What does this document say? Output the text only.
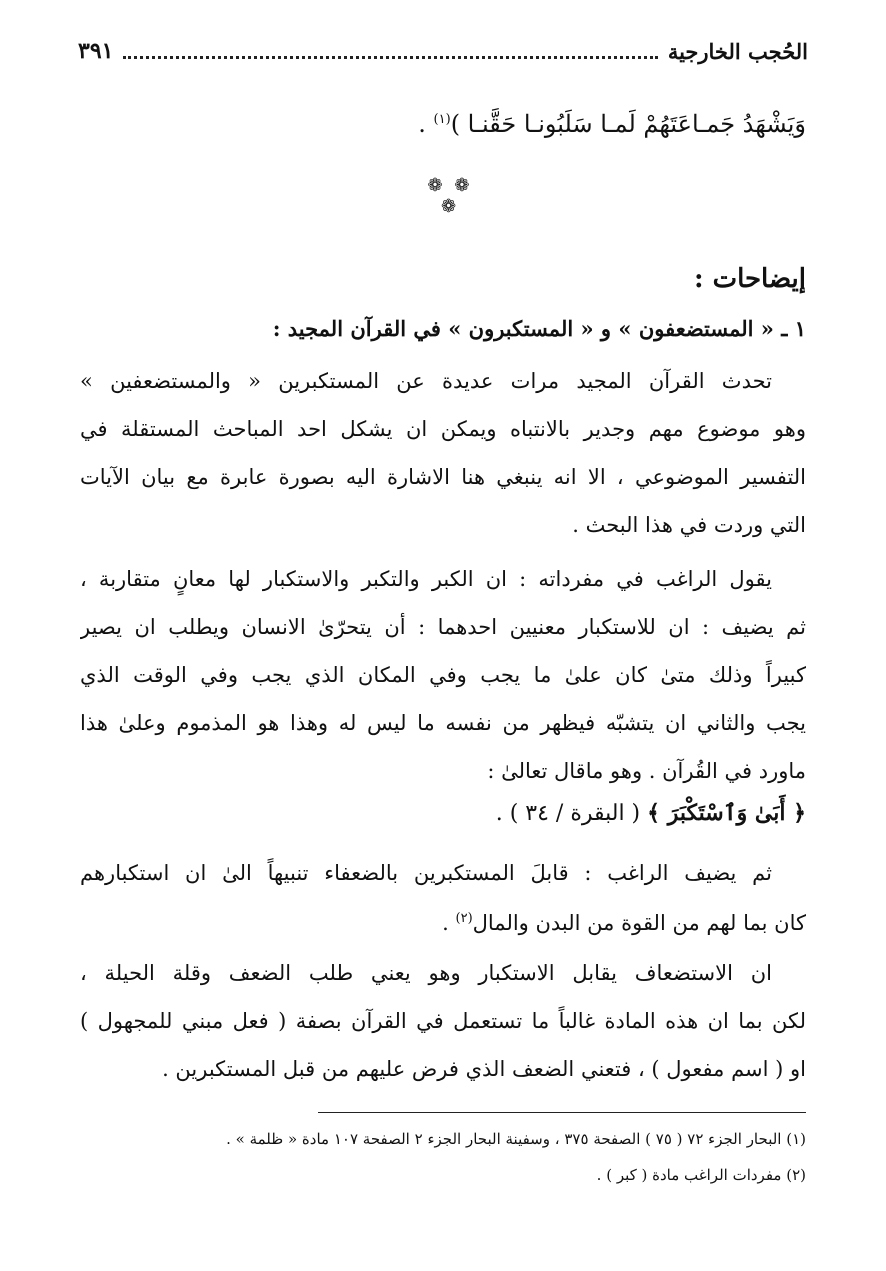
الحُجب الخارجية
٣٩١
وَيَشْهَدُ جَمـاعَتَهُمْ لَمـا سَلَبُونـا حَقَّنـا )$^{(١)}$ .
❁ ❁ ❁
إيضاحات :
١ ـ « المستضعفون » و « المستكبرون » في القرآن المجيد :
تحدث القرآن المجيد مرات عديدة عن المستكبرين « والمستضعفين »
وهو موضوع مهم وجدير بالانتباه ويمكن ان يشكل احد المباحث المستقلة في
التفسير الموضوعي ، الا انه ينبغي هنا الاشارة اليه بصورة عابرة مع بيان الآيات
التي وردت في هذا البحث .
يقول الراغب في مفرداته : ان الكبر والتكبر والاستكبار لها معانٍ متقاربة ،
ثم يضيف : ان للاستكبار معنيين احدهما : أن يتحرّىٰ الانسان ويطلب ان يصير
كبيراً وذلك متىٰ كان علىٰ ما يجب وفي المكان الذي يجب وفي الوقت الذي
يجب والثاني ان يتشبّه فيظهر من نفسه ما ليس له وهذا هو المذموم وعلىٰ هذا
ماورد في القُرآن . وهو ماقال تعالىٰ :
﴿ أَبَىٰ وَٱسْتَكْبَرَ ﴾ ( البقرة / ٣٤ ) .
ثم يضيف الراغب : قابلَ المستكبرين بالضعفاء تنبيهاً الىٰ ان استكبارهم
كان بما لهم من القوة من البدن والمال$^{(٢)}$ .
ان الاستضعاف يقابل الاستكبار وهو يعني طلب الضعف وقلة الحيلة ،
لكن بما ان هذه المادة غالباً ما تستعمل في القرآن بصفة ( فعل مبني للمجهول )
او ( اسم مفعول ) ، فتعني الضعف الذي فرض عليهم من قبل المستكبرين .
(١) البحار الجزء ٧٢ ( ٧٥ ) الصفحة ٣٧٥ ، وسفينة البحار الجزء ٢ الصفحة ١٠٧ مادة « ظلمة » .
(٢) مفردات الراغب مادة ( كبر ) .
